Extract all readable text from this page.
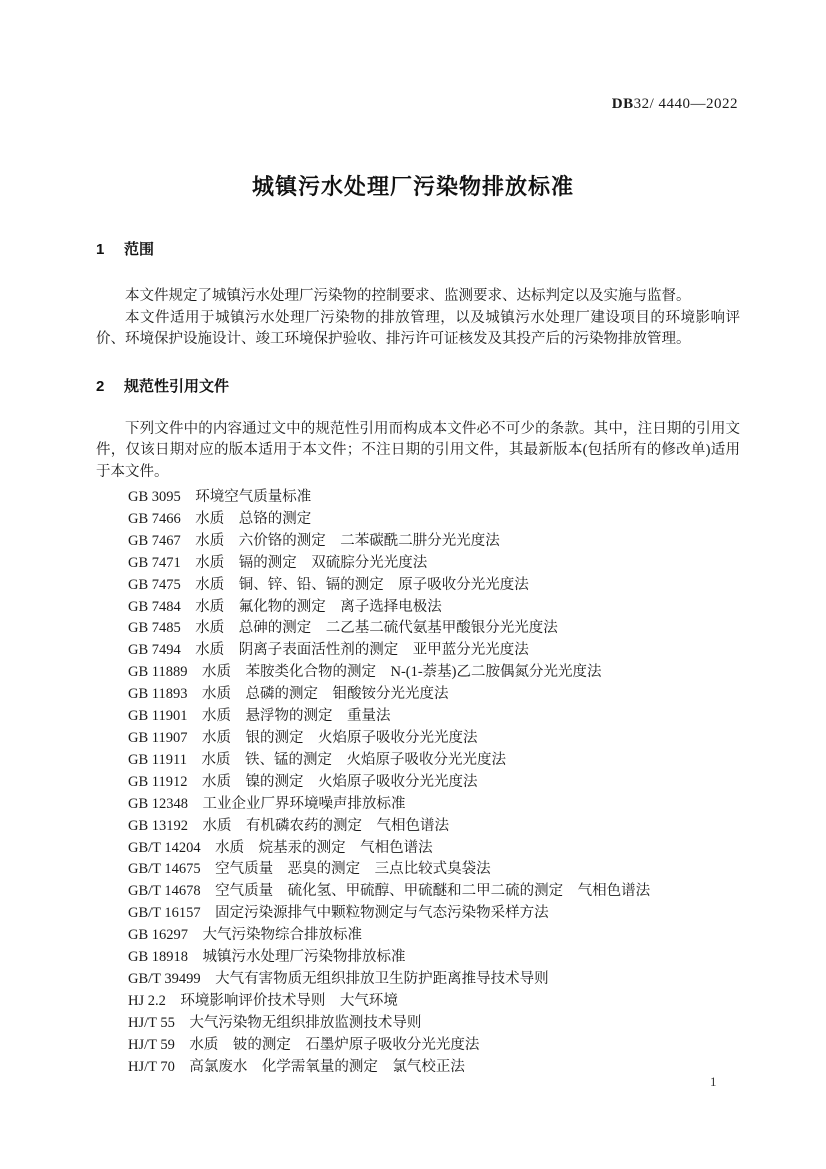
DB32/ 4440—2022
城镇污水处理厂污染物排放标准
1 范围

本文件规定了城镇污水处理厂污染物的控制要求、监测要求、达标判定以及实施与监督。

本文件适用于城镇污水处理厂污染物的排放管理，以及城镇污水处理厂建设项目的环境影响评价、环境保护设施设计、竣工环境保护验收、排污许可证核发及其投产后的污染物排放管理。

2 规范性引用文件

下列文件中的内容通过文中的规范性引用而构成本文件必不可少的条款。其中，注日期的引用文件，仅该日期对应的版本适用于本文件；不注日期的引用文件，其最新版本(包括所有的修改单)适用于本文件。

GB 3095　环境空气质量标准
GB 7466　水质　总铬的测定
GB 7467　水质　六价铬的测定　二苯碳酰二肼分光光度法
GB 7471　水质　镉的测定　双硫腙分光光度法
GB 7475　水质　铜、锌、铅、镉的测定　原子吸收分光光度法
GB 7484　水质　氟化物的测定　离子选择电极法
GB 7485　水质　总砷的测定　二乙基二硫代氨基甲酸银分光光度法
GB 7494　水质　阴离子表面活性剂的测定　亚甲蓝分光光度法
GB 11889　水质　苯胺类化合物的测定　N-(1-萘基)乙二胺偶氮分光光度法
GB 11893　水质　总磷的测定　钼酸铵分光光度法
GB 11901　水质　悬浮物的测定　重量法
GB 11907　水质　银的测定　火焰原子吸收分光光度法
GB 11911　水质　铁、锰的测定　火焰原子吸收分光光度法
GB 11912　水质　镍的测定　火焰原子吸收分光光度法
GB 12348　工业企业厂界环境噪声排放标准
GB 13192　水质　有机磷农药的测定　气相色谱法
GB/T 14204　水质　烷基汞的测定　气相色谱法
GB/T 14675　空气质量　恶臭的测定　三点比较式臭袋法
GB/T 14678　空气质量　硫化氢、甲硫醇、甲硫醚和二甲二硫的测定　气相色谱法
GB/T 16157　固定污染源排气中颗粒物测定与气态污染物采样方法
GB 16297　大气污染物综合排放标准
GB 18918　城镇污水处理厂污染物排放标准
GB/T 39499　大气有害物质无组织排放卫生防护距离推导技术导则
HJ 2.2　环境影响评价技术导则　大气环境
HJ/T 55　大气污染物无组织排放监测技术导则
HJ/T 59　水质　铍的测定　石墨炉原子吸收分光光度法
HJ/T 70　高氯废水　化学需氧量的测定　氯气校正法
1
